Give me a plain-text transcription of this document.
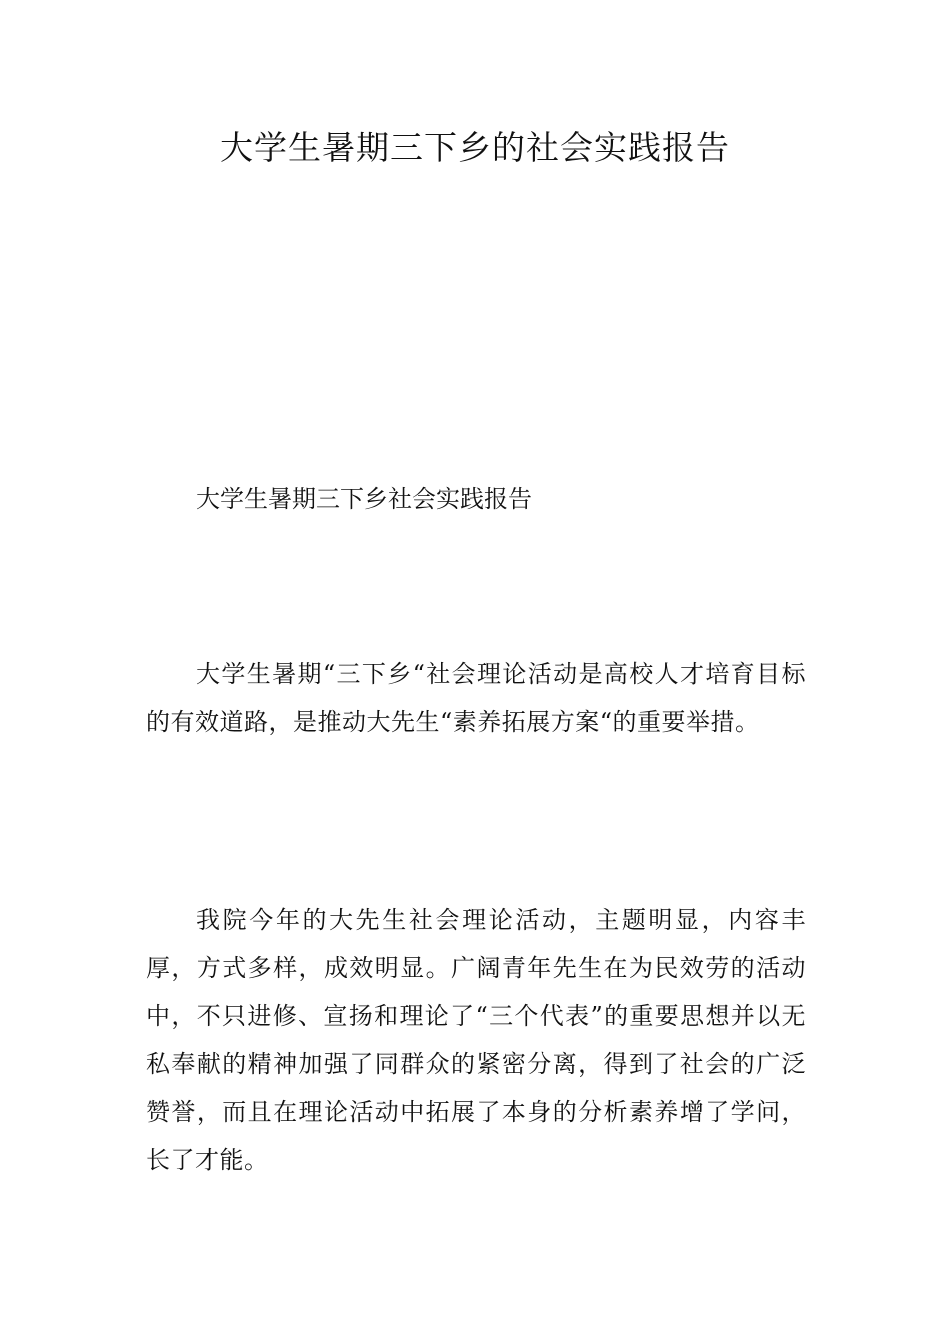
大学生暑期三下乡的社会实践报告
大学生暑期三下乡社会实践报告

大学生暑期“三下乡“社会理论活动是高校人才培育目标的有效道路，是推动大先生“素养拓展方案“的重要举措。

我院今年的大先生社会理论活动，主题明显，内容丰厚，方式多样，成效明显。广阔青年先生在为民效劳的活动中，不只进修、宣扬和理论了“三个代表”的重要思想并以无私奉献的精神加强了同群众的紧密分离，得到了社会的广泛赞誉，而且在理论活动中拓展了本身的分析素养增了学问，长了才能。
